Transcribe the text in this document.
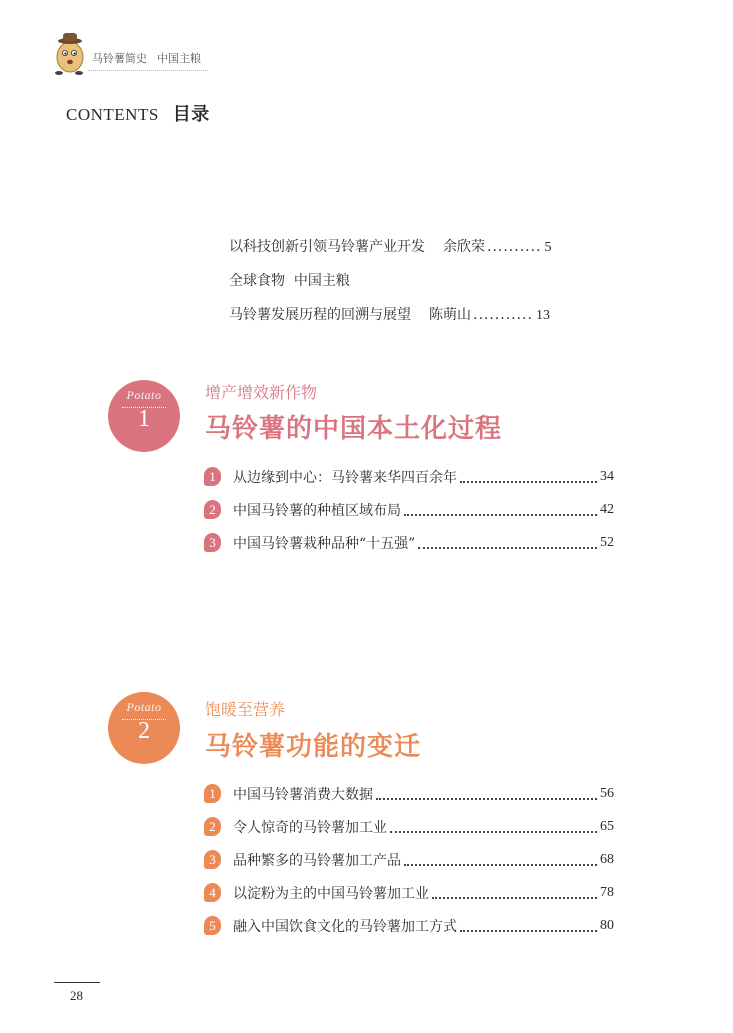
马铃薯简史 中国主粮
CONTENTS 目录
以科技创新引领马铃薯产业开发 余欣荣 .......... 5
全球食物  中国主粮
马铃薯发展历程的回溯与展望 陈萌山 ........... 13
Potato
1
增产增效新作物
马铃薯的中国本土化过程
1	从边缘到中心：马铃薯来华四百余年	34
2	中国马铃薯的种植区域布局	42
3	中国马铃薯栽种品种“十五强”	52
Potato
2
饱暖至营养
马铃薯功能的变迁
1	中国马铃薯消费大数据	56
2	令人惊奇的马铃薯加工业	65
3	品种繁多的马铃薯加工产品	68
4	以淀粉为主的中国马铃薯加工业	78
5	融入中国饮食文化的马铃薯加工方式	80
28
